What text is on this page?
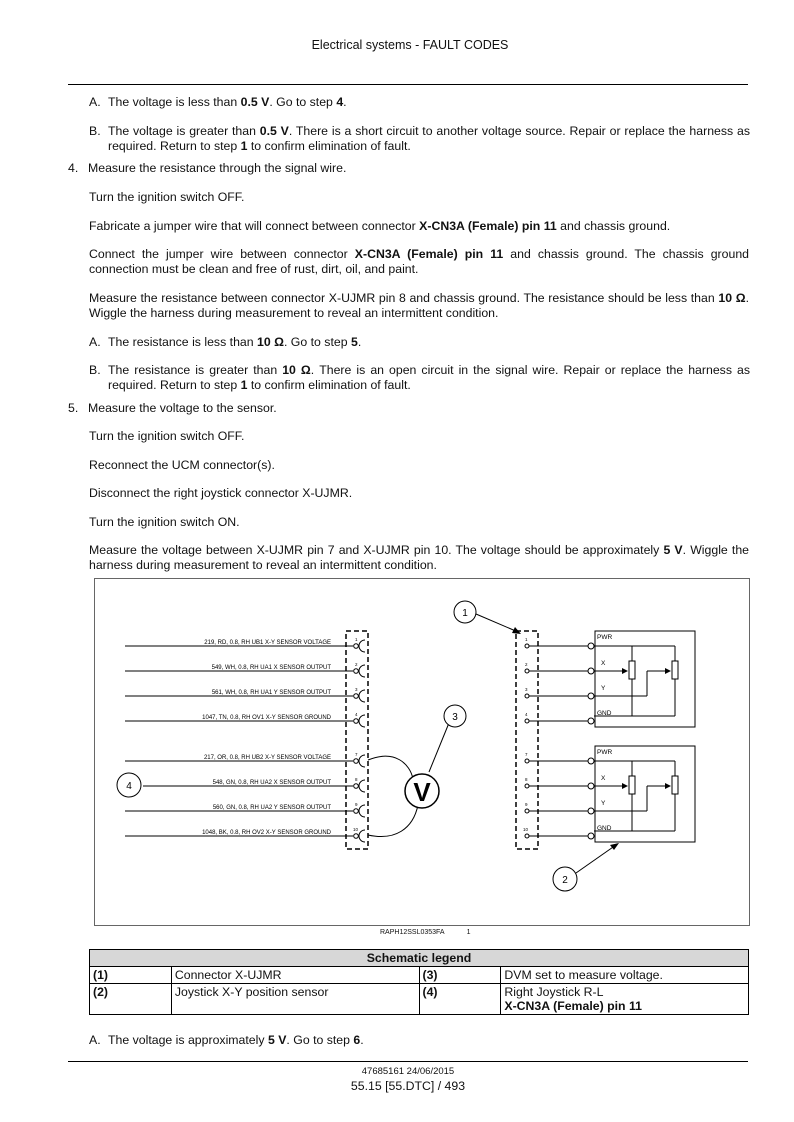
Electrical systems - FAULT CODES
A. The voltage is less than 0.5 V. Go to step 4.
B. The voltage is greater than 0.5 V. There is a short circuit to another voltage source. Repair or replace the harness as required. Return to step 1 to confirm elimination of fault.
4. Measure the resistance through the signal wire.
Turn the ignition switch OFF.
Fabricate a jumper wire that will connect between connector X-CN3A (Female) pin 11 and chassis ground.
Connect the jumper wire between connector X-CN3A (Female) pin 11 and chassis ground. The chassis ground connection must be clean and free of rust, dirt, oil, and paint.
Measure the resistance between connector X-UJMR pin 8 and chassis ground. The resistance should be less than 10 Ω. Wiggle the harness during measurement to reveal an intermittent condition.
A. The resistance is less than 10 Ω. Go to step 5.
B. The resistance is greater than 10 Ω. There is an open circuit in the signal wire. Repair or replace the harness as required. Return to step 1 to confirm elimination of fault.
5. Measure the voltage to the sensor.
Turn the ignition switch OFF.
Reconnect the UCM connector(s).
Disconnect the right joystick connector X-UJMR.
Turn the ignition switch ON.
Measure the voltage between X-UJMR pin 7 and X-UJMR pin 10. The voltage should be approximately 5 V. Wiggle the harness during measurement to reveal an intermittent condition.
219, RD, 0.8, RH UB1 X-Y SENSOR VOLTAGE
549, WH, 0.8, RH UA1 X SENSOR OUTPUT
561, WH, 0.8, RH UA1 Y SENSOR OUTPUT
1047, TN, 0.8, RH OV1 X-Y SENSOR GROUND
217, OR, 0.8, RH UB2 X-Y SENSOR VOLTAGE
548, GN, 0.8, RH UA2 X SENSOR OUTPUT
560, GN, 0.8, RH UA2 Y SENSOR OUTPUT
1048, BK, 0.8, RH OV2 X-Y SENSOR GROUND
1
2
3
4
7
8
9
10
V
3
4
1
1
2
3
4
7
8
9
10
PWR
X
Y
GND
PWR
X
Y
GND
2
RAPH12SSL0353FA	1
Schematic legend			
(1)	Connector X-UJMR	(3)	DVM set to measure voltage.
(2)	Joystick X-Y position sensor	(4)	Right Joystick R-L
X-CN3A (Female) pin 11
A. The voltage is approximately 5 V. Go to step 6.
47685161 24/06/2015
55.15 [55.DTC] / 493
